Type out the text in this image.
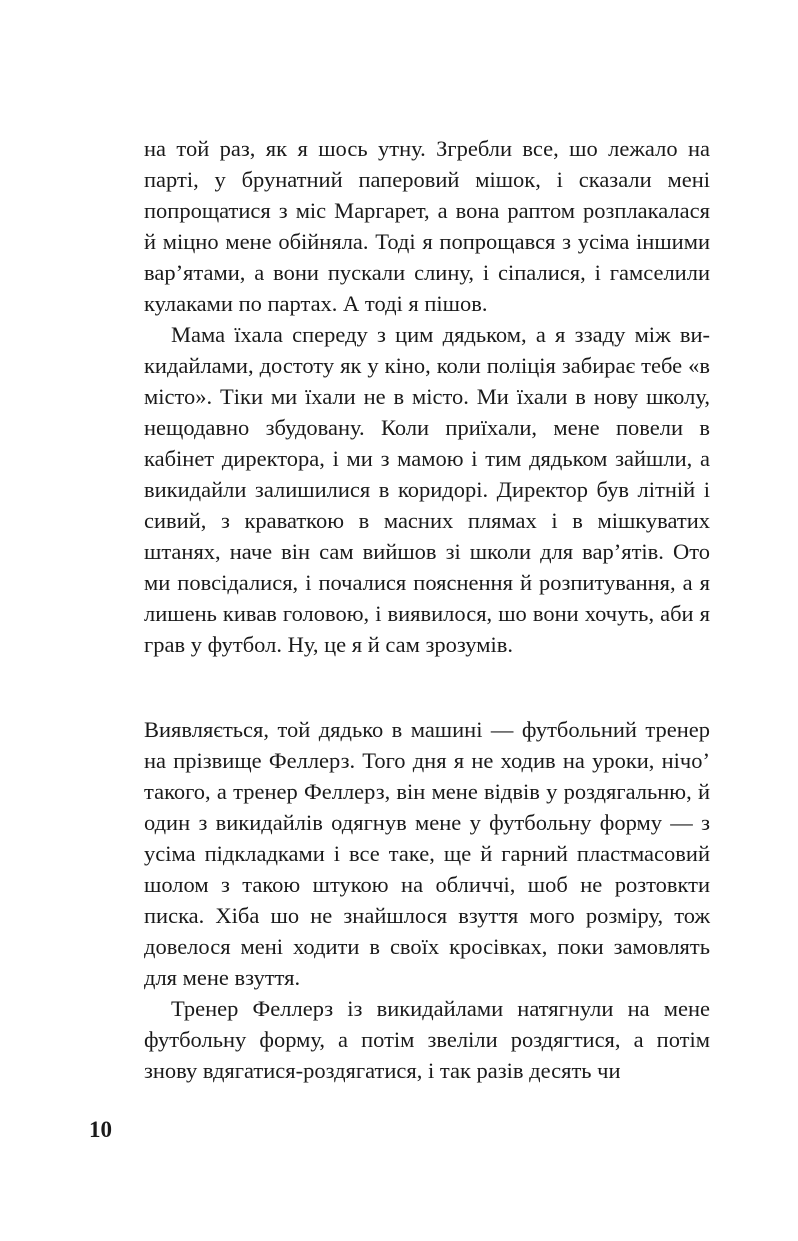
на той раз, як я шось утну. Згребли все, шо лежало на парті, у брунатний паперовий мішок, і сказали мені попрощатися з міс Маргарет, а вона раптом розплакалася й міцно мене обійняла. Тоді я попрощався з усіма іншими вар’ятами, а вони пускали слину, і сіпалися, і гамселили кулаками по партах. А тоді я пішов.

Мама їхала спереду з цим дядьком, а я ззаду між викидайлами, достоту як у кіно, коли поліція забирає тебе «в місто». Тіки ми їхали не в місто. Ми їхали в нову школу, нещодавно збудовану. Коли приїхали, мене повели в кабінет директора, і ми з мамою і тим дядьком зайшли, а викидайли залишилися в коридорі. Директор був літній і сивий, з краваткою в масних плямах і в мішкуватих штанях, наче він сам вийшов зі школи для вар’ятів. Ото ми повсідалися, і почалися пояснення й розпитування, а я лишень кивав головою, і виявилося, шо вони хочуть, аби я грав у футбол. Ну, це я й сам зрозумів.

Виявляється, той дядько в машині — футбольний тренер на прізвище Феллерз. Того дня я не ходив на уроки, нічо’ такого, а тренер Феллерз, він мене відвів у роздягальню, й один з викидайлів одягнув мене у футбольну форму — з усіма підкладками і все таке, ще й гарний пластмасовий шолом з такою штукою на обличчі, шоб не розтовкти писка. Хіба шо не знайшлося взуття мого розміру, тож довелося мені ходити в своїх кросівках, поки замовлять для мене взуття.

Тренер Феллерз із викидайлами натягнули на мене футбольну форму, а потім звеліли роздягтися, а потім знову вдягатися-роздягатися, і так разів десять чи

10
